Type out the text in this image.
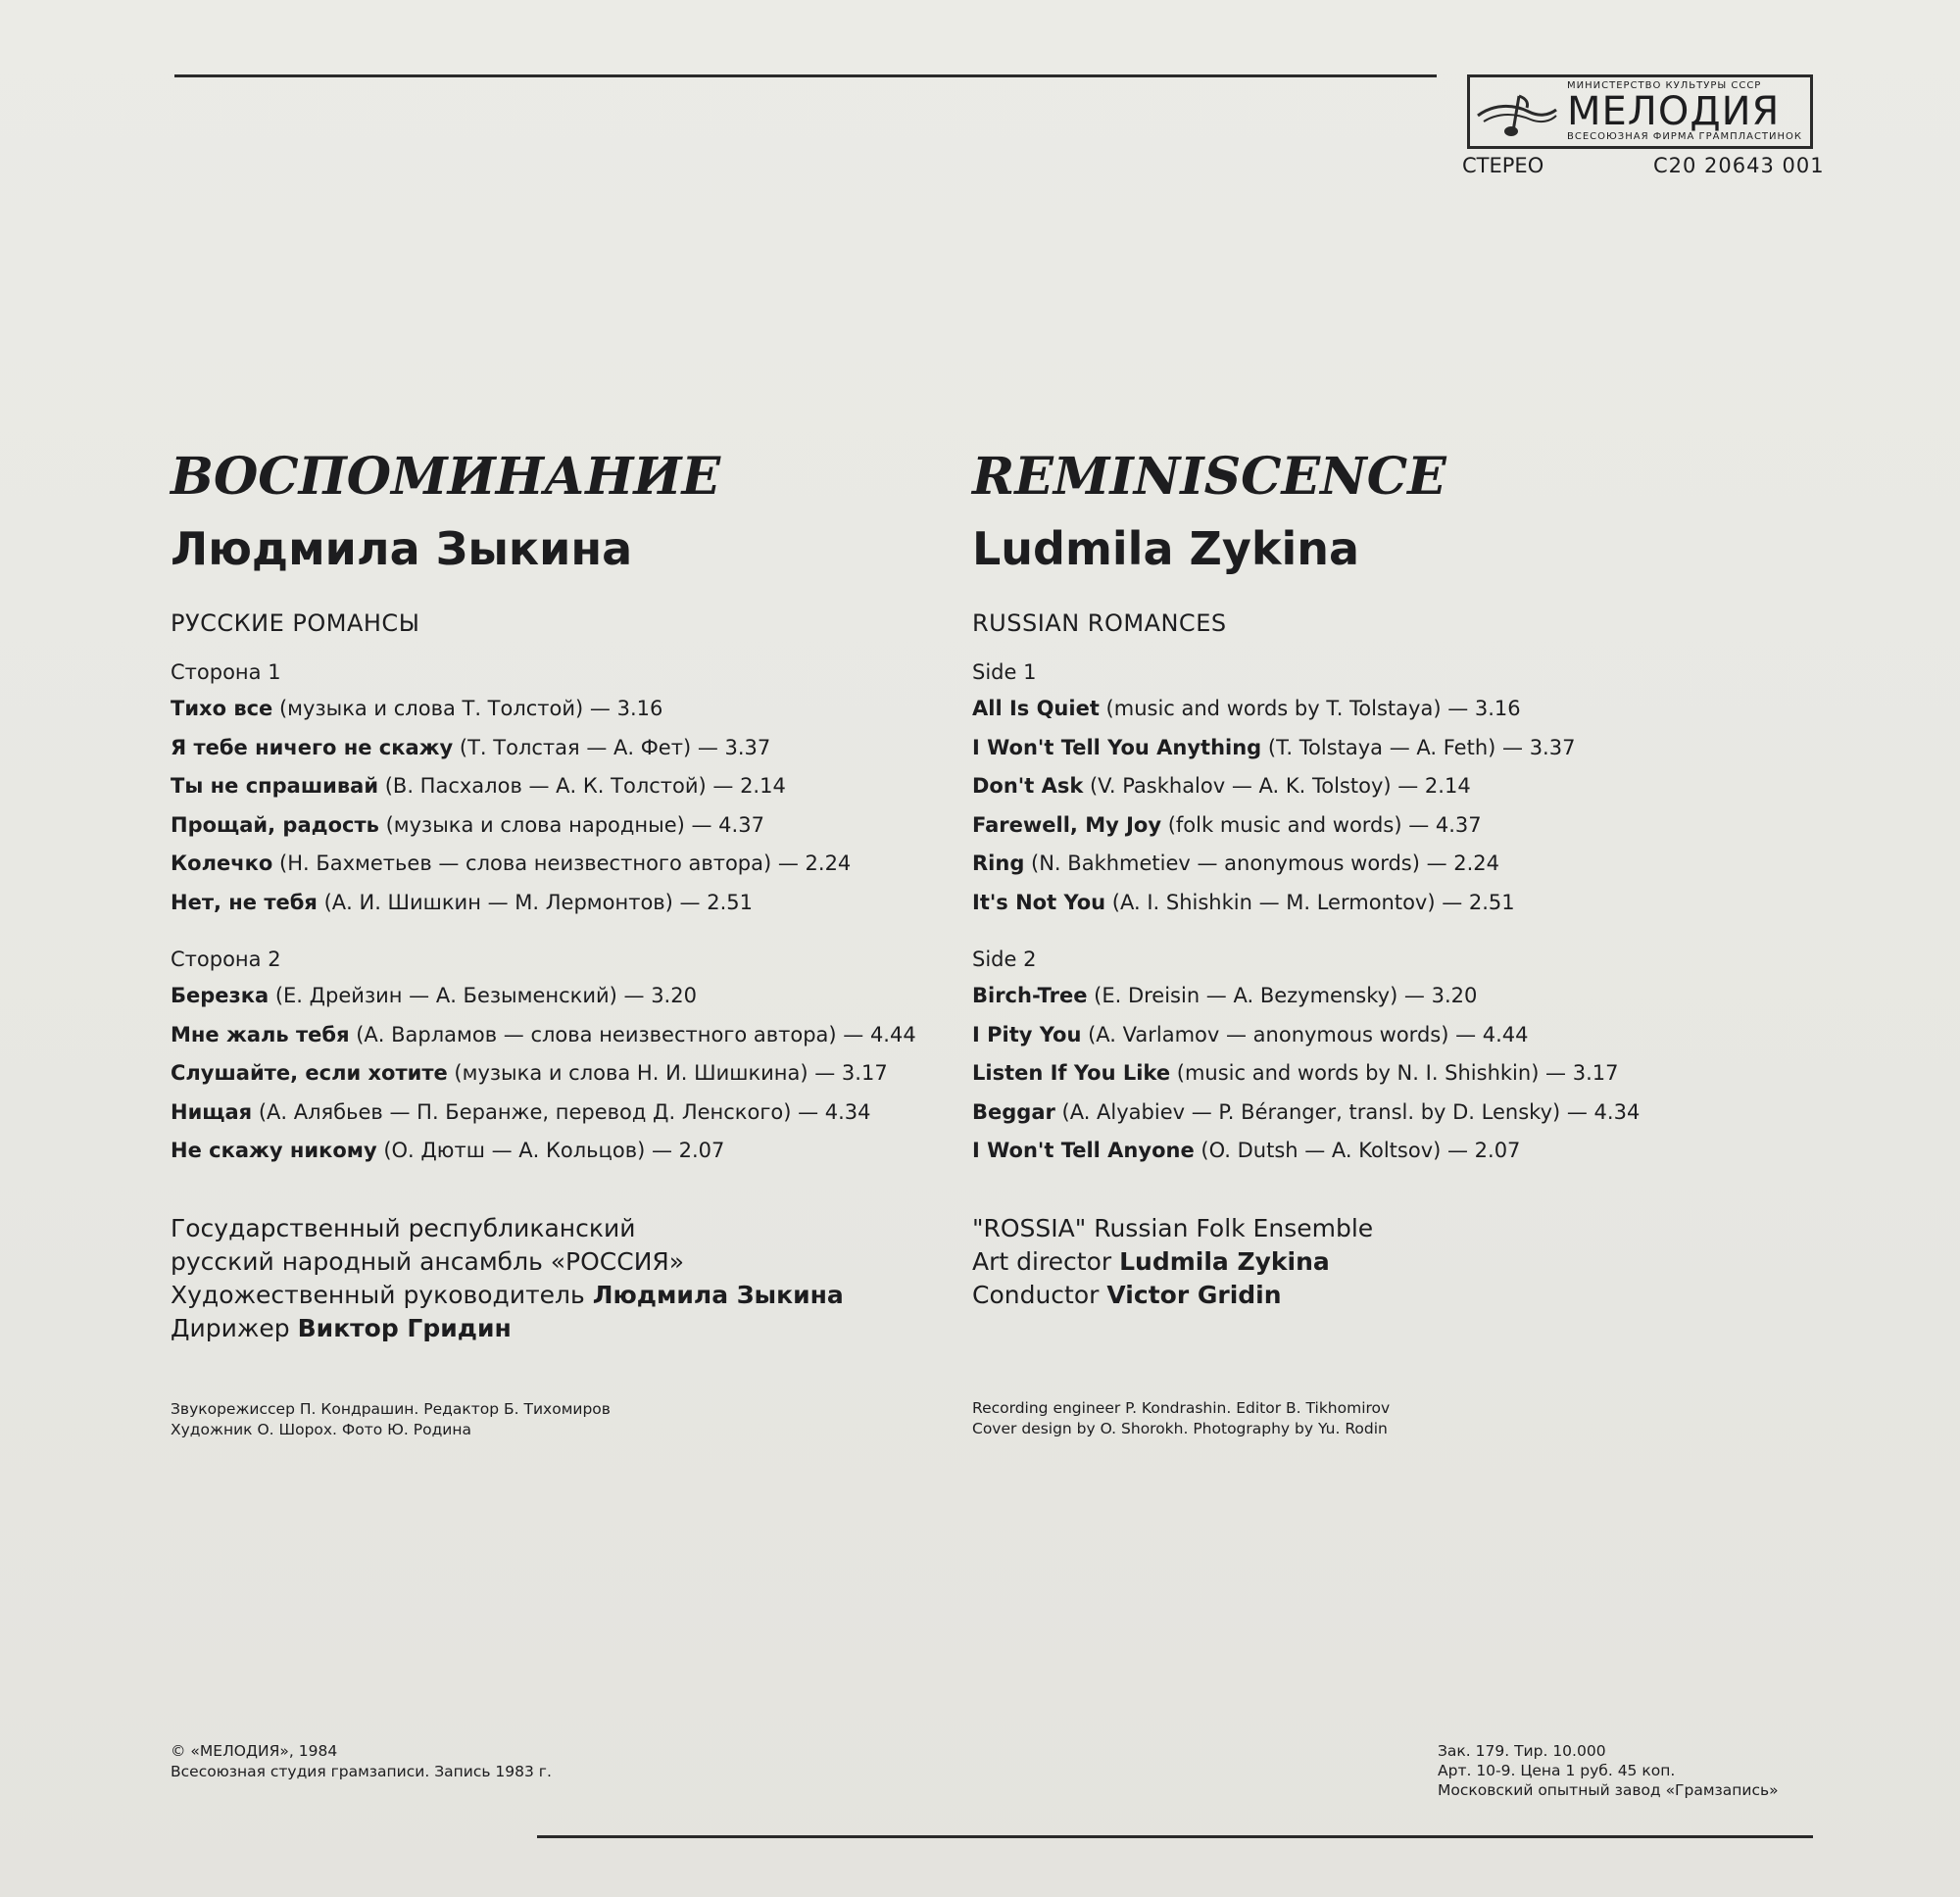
МИНИСТЕРСТВО КУЛЬТУРЫ СССР
МЕЛОДИЯ
ВСЕСОЮЗНАЯ ФИРМА ГРАМПЛАСТИНОК
СТЕРЕО	С20 20643 001
ВОСПОМИНАНИЕ
Людмила Зыкина
РУССКИЕ РОМАНСЫ
Сторона 1
Тихо все (музыка и слова Т. Толстой) — 3.16
Я тебе ничего не скажу (Т. Толстая — А. Фет) — 3.37
Ты не спрашивай (В. Пасхалов — А. К. Толстой) — 2.14
Прощай, радость (музыка и слова народные) — 4.37
Колечко (Н. Бахметьев — слова неизвестного автора) — 2.24
Нет, не тебя (А. И. Шишкин — М. Лермонтов) — 2.51
Сторона 2
Березка (Е. Дрейзин — А. Безыменский) — 3.20
Мне жаль тебя (А. Варламов — слова неизвестного автора) — 4.44
Слушайте, если хотите (музыка и слова Н. И. Шишкина) — 3.17
Нищая (А. Алябьев — П. Беранже, перевод Д. Ленского) — 4.34
Не скажу никому (О. Дютш — А. Кольцов) — 2.07
Государственный республиканский
русский народный ансамбль «РОССИЯ»
Художественный руководитель Людмила Зыкина
Дирижер Виктор Гридин
Звукорежиссер П. Кондрашин. Редактор Б. Тихомиров
Художник О. Шорох. Фото Ю. Родина
REMINISCENCE
Ludmila Zykina
RUSSIAN ROMANCES
Side 1
All Is Quiet (music and words by T. Tolstaya) — 3.16
I Won't Tell You Anything (T. Tolstaya — A. Feth) — 3.37
Don't Ask (V. Paskhalov — A. K. Tolstoy) — 2.14
Farewell, My Joy (folk music and words) — 4.37
Ring (N. Bakhmetiev — anonymous words) — 2.24
It's Not You (A. I. Shishkin — M. Lermontov) — 2.51
Side 2
Birch-Tree (E. Dreisin — A. Bezymensky) — 3.20
I Pity You (A. Varlamov — anonymous words) — 4.44
Listen If You Like (music and words by N. I. Shishkin) — 3.17
Beggar (A. Alyabiev — P. Béranger, transl. by D. Lensky) — 4.34
I Won't Tell Anyone (O. Dutsh — A. Koltsov) — 2.07
"ROSSIA" Russian Folk Ensemble
Art director Ludmila Zykina
Conductor Victor Gridin
Recording engineer P. Kondrashin. Editor B. Tikhomirov
Cover design by O. Shorokh. Photography by Yu. Rodin
© «МЕЛОДИЯ», 1984
Всесоюзная студия грамзаписи. Запись 1983 г.
Зак. 179. Тир. 10.000
Арт. 10-9. Цена 1 руб. 45 коп.
Московский опытный завод «Грамзапись»
